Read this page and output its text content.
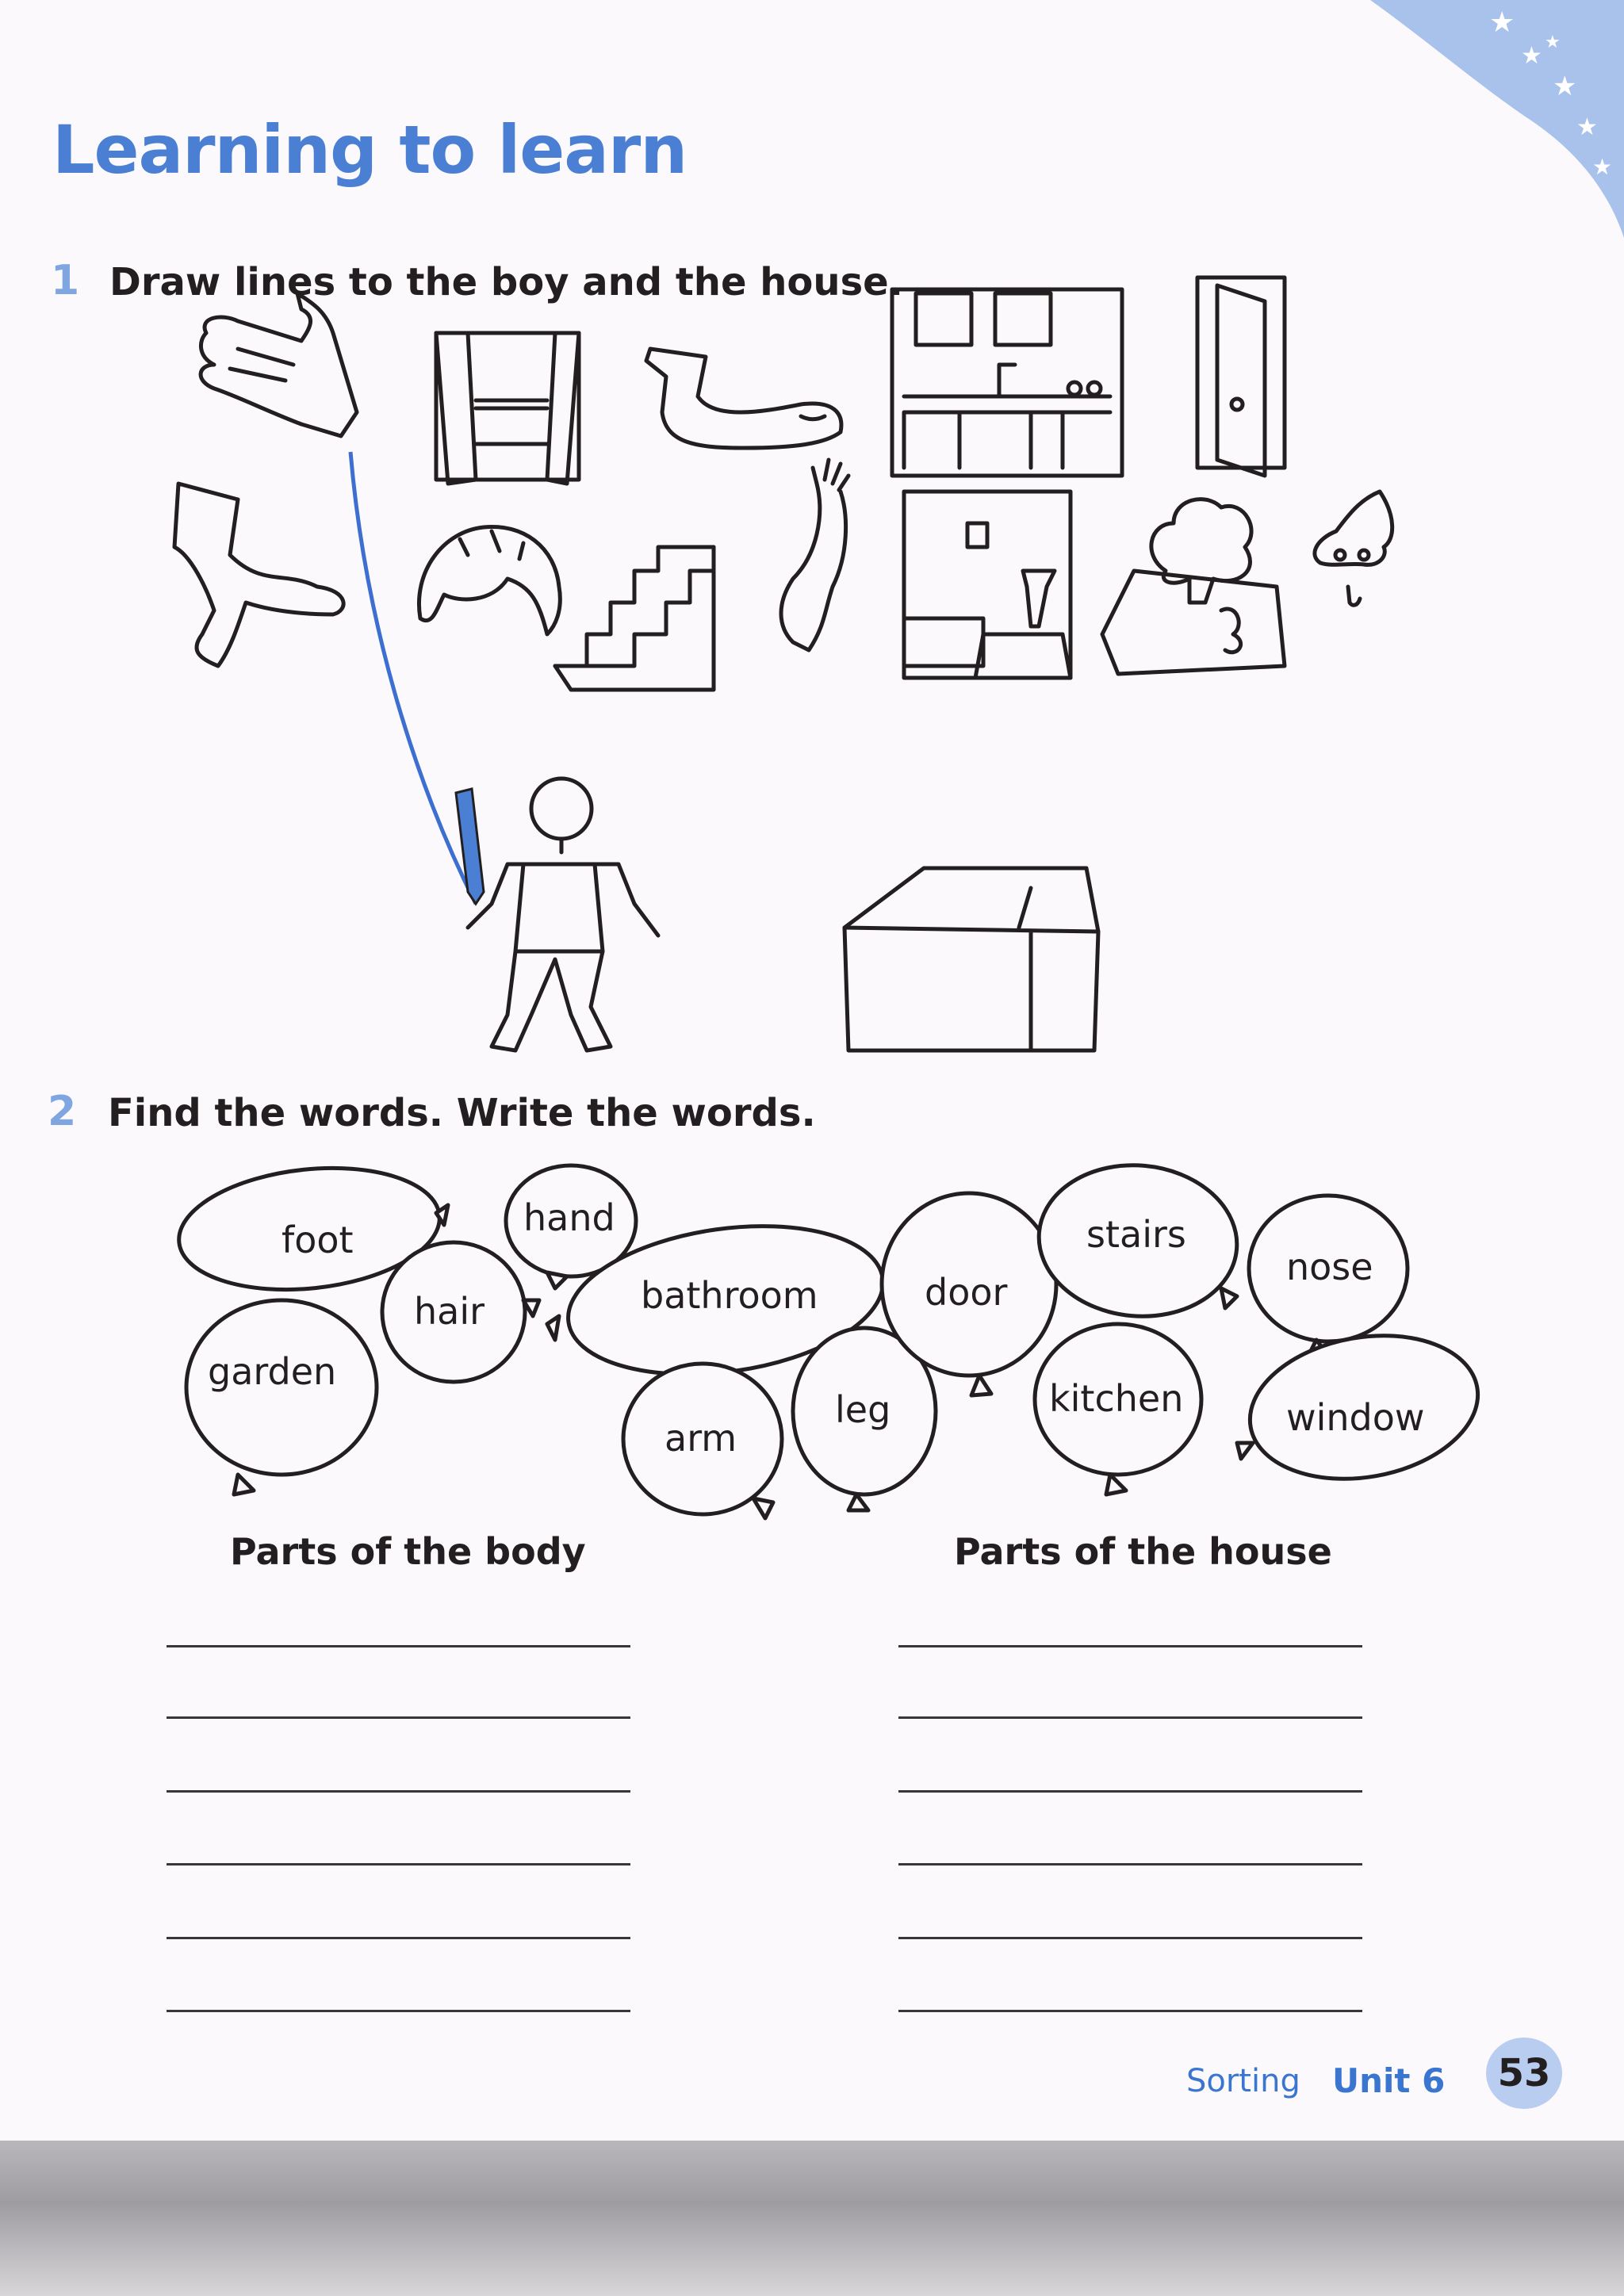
★
★
★
★
★
★
Learning to learn
1 Draw lines to the boy and the house.
2 Find the words. Write the words.
foot
hand
hair	bathroom
garden
arm
leg
door
stairs
kitchen
nose
window
Parts of the body	Parts of the house
Sorting Unit 6 53
